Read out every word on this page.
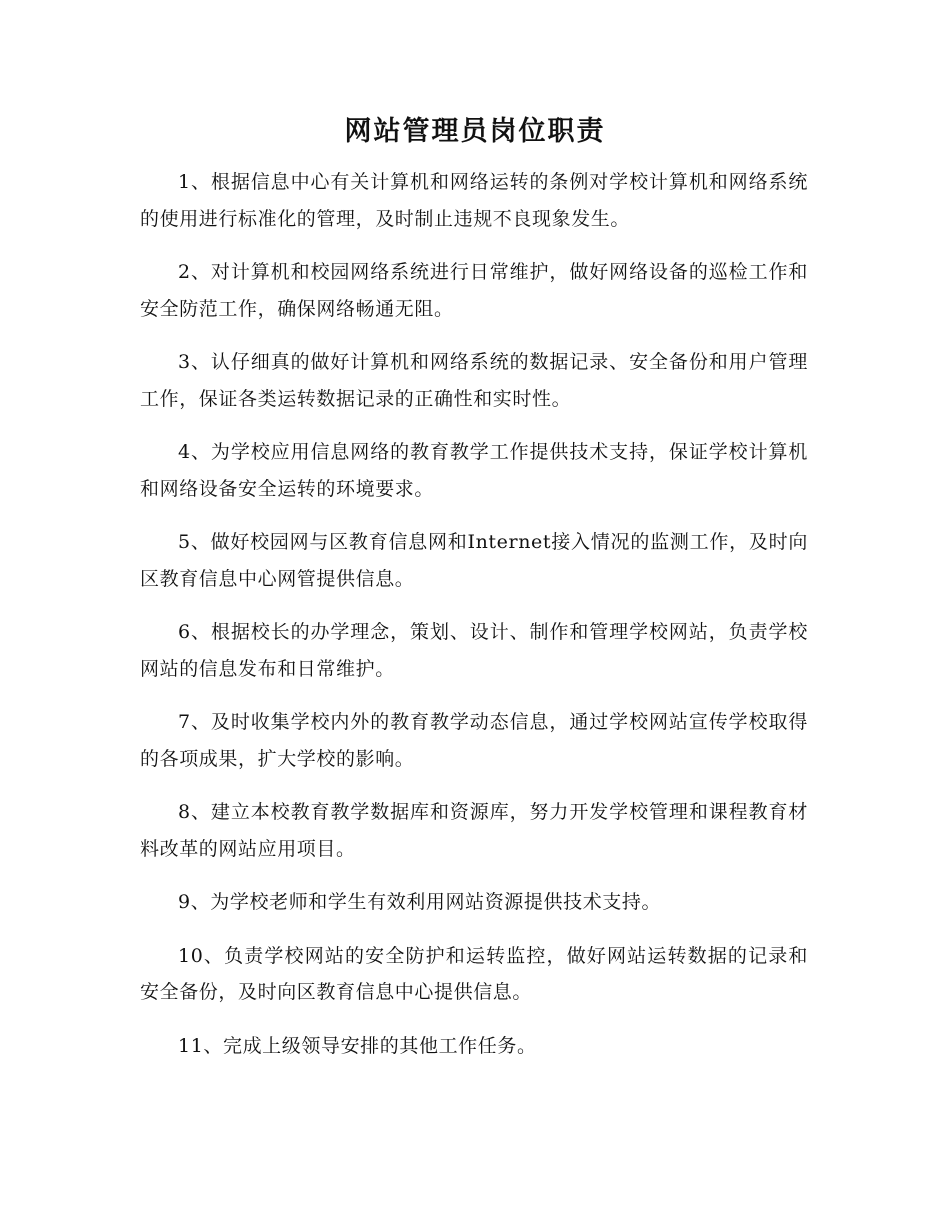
网站管理员岗位职责

1、根据信息中心有关计算机和网络运转的条例对学校计算机和网络系统的使用进行标准化的管理，及时制止违规不良现象发生。

2、对计算机和校园网络系统进行日常维护，做好网络设备的巡检工作和安全防范工作，确保网络畅通无阻。

3、认仔细真的做好计算机和网络系统的数据记录、安全备份和用户管理工作，保证各类运转数据记录的正确性和实时性。

4、为学校应用信息网络的教育教学工作提供技术支持，保证学校计算机和网络设备安全运转的环境要求。

5、做好校园网与区教育信息网和Internet接入情况的监测工作，及时向区教育信息中心网管提供信息。

6、根据校长的办学理念，策划、设计、制作和管理学校网站，负责学校网站的信息发布和日常维护。

7、及时收集学校内外的教育教学动态信息，通过学校网站宣传学校取得的各项成果，扩大学校的影响。

8、建立本校教育教学数据库和资源库，努力开发学校管理和课程教育材料改革的网站应用项目。

9、为学校老师和学生有效利用网站资源提供技术支持。

10、负责学校网站的安全防护和运转监控，做好网站运转数据的记录和安全备份，及时向区教育信息中心提供信息。

11、完成上级领导安排的其他工作任务。
